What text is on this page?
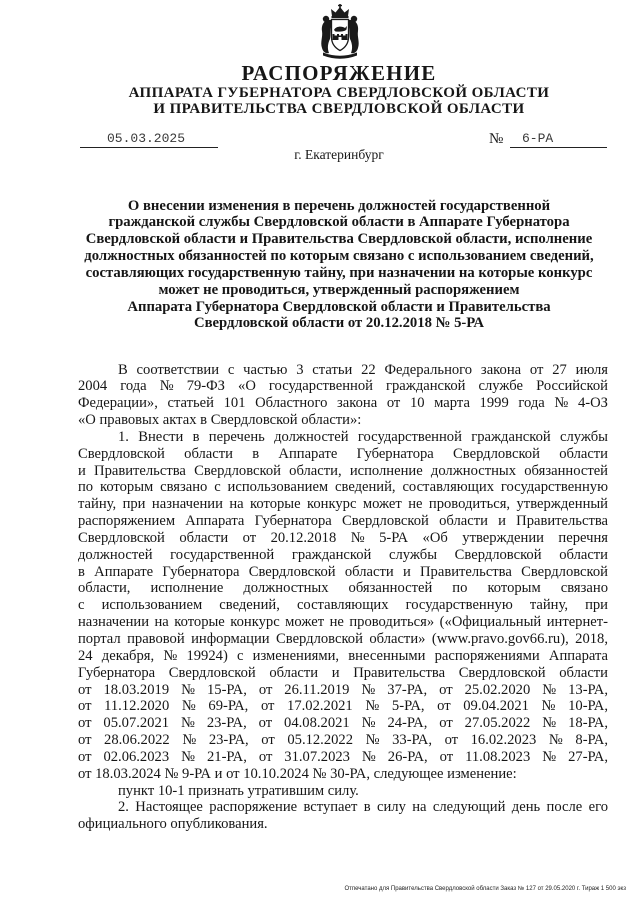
РАСПОРЯЖЕНИЕ
АППАРАТА ГУБЕРНАТОРА СВЕРДЛОВСКОЙ ОБЛАСТИ
И ПРАВИТЕЛЬСТВА СВЕРДЛОВСКОЙ ОБЛАСТИ
05.03.2025	№ 6-РА
г. Екатеринбург
О внесении изменения в перечень должностей государственной
гражданской службы Свердловской области в Аппарате Губернатора
Свердловской области и Правительства Свердловской области, исполнение
должностных обязанностей по которым связано с использованием сведений,
составляющих государственную тайну, при назначении на которые конкурс
может не проводиться, утвержденный распоряжением
Аппарата Губернатора Свердловской области и Правительства
Свердловской области от 20.12.2018 № 5-РА
В соответствии с частью 3 статьи 22 Федерального закона от 27 июля
2004 года № 79-ФЗ «О государственной гражданской службе Российской
Федерации», статьей 101 Областного закона от 10 марта 1999 года № 4-ОЗ
«О правовых актах в Свердловской области»:
1. Внести в перечень должностей государственной гражданской службы
Свердловской области в Аппарате Губернатора Свердловской области
и Правительства Свердловской области, исполнение должностных обязанностей
по которым связано с использованием сведений, составляющих государственную
тайну, при назначении на которые конкурс может не проводиться, утвержденный
распоряжением Аппарата Губернатора Свердловской области и Правительства
Свердловской области от 20.12.2018 № 5-РА «Об утверждении перечня
должностей государственной гражданской службы Свердловской области
в Аппарате Губернатора Свердловской области и Правительства Свердловской
области, исполнение должностных обязанностей по которым связано
с использованием сведений, составляющих государственную тайну, при
назначении на которые конкурс может не проводиться» («Официальный интернет-
портал правовой информации Свердловской области» (www.pravo.gov66.ru), 2018,
24 декабря, № 19924) с изменениями, внесенными распоряжениями Аппарата
Губернатора Свердловской области и Правительства Свердловской области
от 18.03.2019 № 15-РА, от 26.11.2019 № 37-РА, от 25.02.2020 № 13-РА,
от 11.12.2020 № 69-РА, от 17.02.2021 № 5-РА, от 09.04.2021 № 10-РА,
от 05.07.2021 № 23-РА, от 04.08.2021 № 24-РА, от 27.05.2022 № 18-РА,
от 28.06.2022 № 23-РА, от 05.12.2022 № 33-РА, от 16.02.2023 № 8-РА,
от 02.06.2023 № 21-РА, от 31.07.2023 № 26-РА, от 11.08.2023 № 27-РА,
от 18.03.2024 № 9-РА и от 10.10.2024 № 30-РА, следующее изменение:
пункт 10-1 признать утратившим силу.
2. Настоящее распоряжение вступает в силу на следующий день после его
официального опубликования.
Отпечатано для Правительства Свердловской области Заказ № 127 от 29.05.2020 г. Тираж 1 500 экз
